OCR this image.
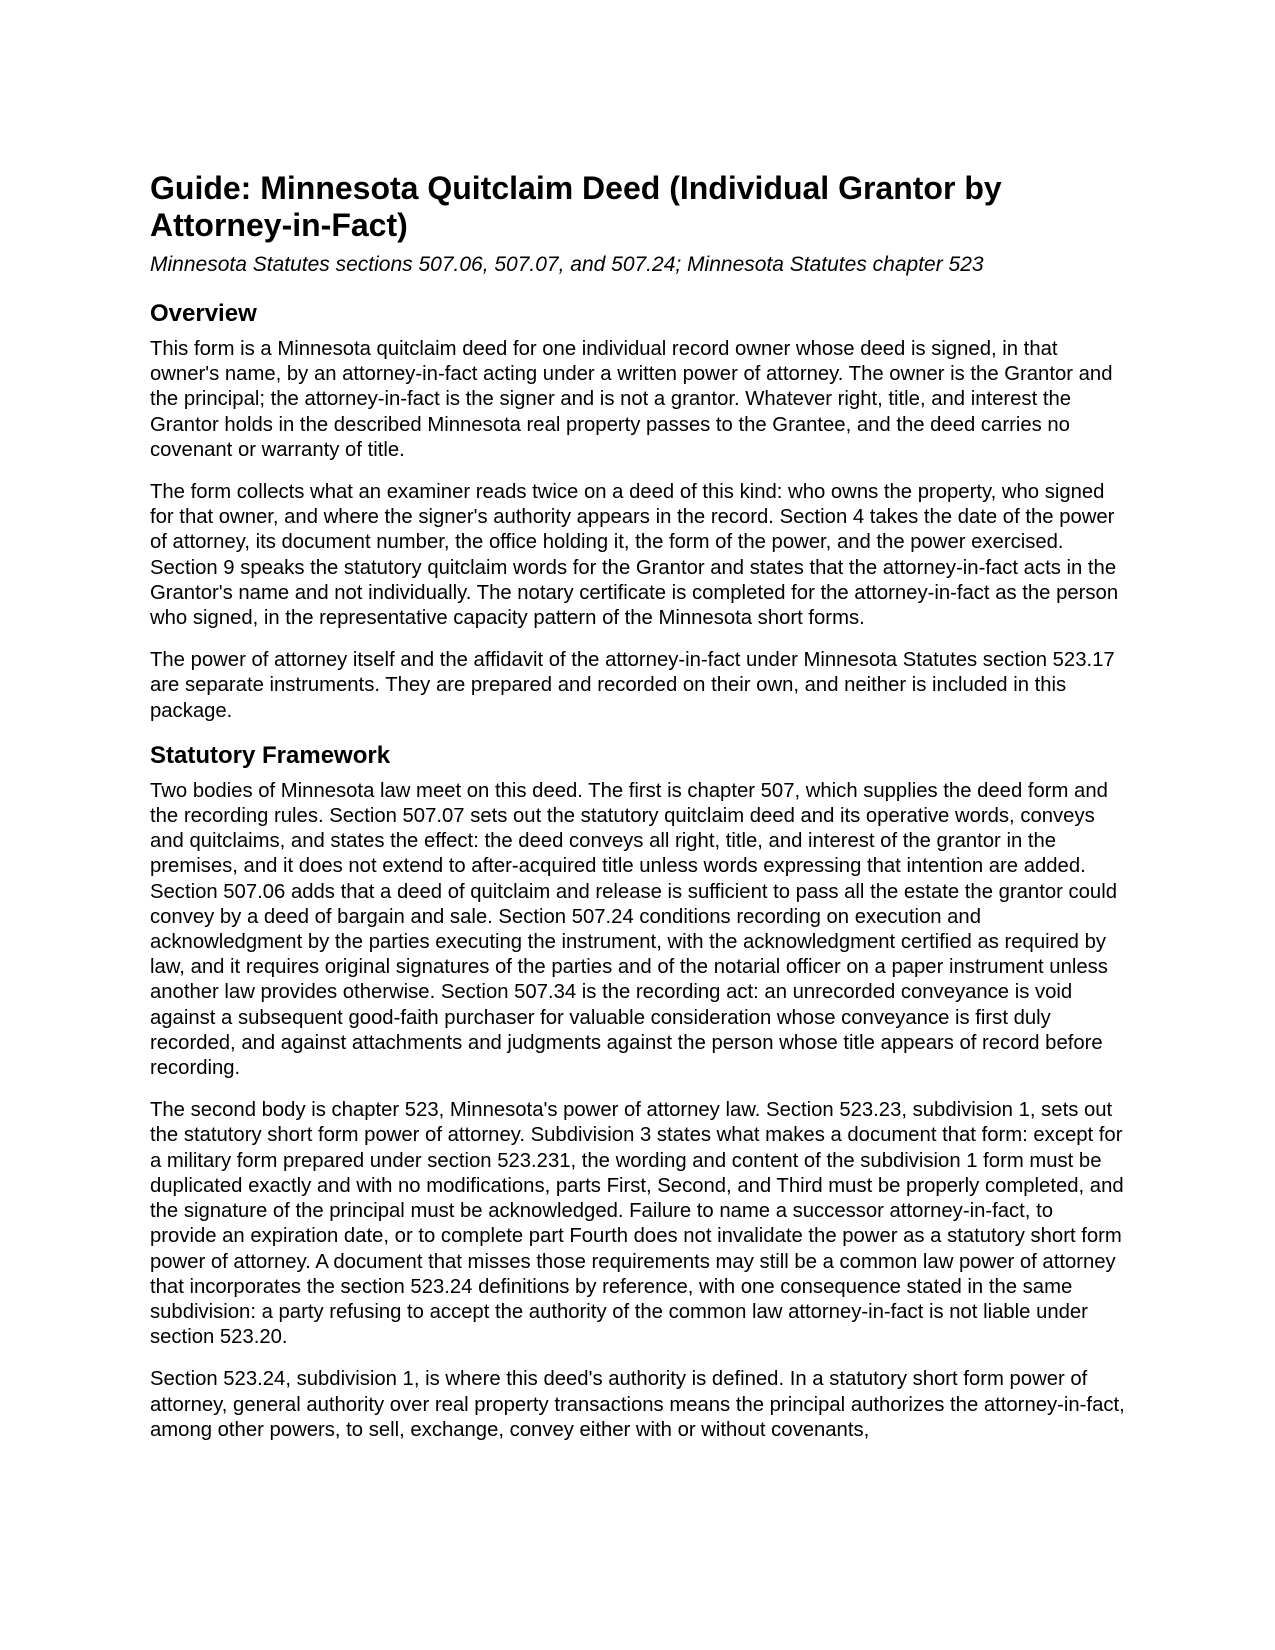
Guide: Minnesota Quitclaim Deed (Individual Grantor by Attorney-in-Fact)
Minnesota Statutes sections 507.06, 507.07, and 507.24; Minnesota Statutes chapter 523
Overview

This form is a Minnesota quitclaim deed for one individual record owner whose deed is signed, in that owner's name, by an attorney-in-fact acting under a written power of attorney. The owner is the Grantor and the principal; the attorney-in-fact is the signer and is not a grantor. Whatever right, title, and interest the Grantor holds in the described Minnesota real property passes to the Grantee, and the deed carries no covenant or warranty of title.

The form collects what an examiner reads twice on a deed of this kind: who owns the property, who signed for that owner, and where the signer's authority appears in the record. Section 4 takes the date of the power of attorney, its document number, the office holding it, the form of the power, and the power exercised. Section 9 speaks the statutory quitclaim words for the Grantor and states that the attorney-in-fact acts in the Grantor's name and not individually. The notary certificate is completed for the attorney-in-fact as the person who signed, in the representative capacity pattern of the Minnesota short forms.

The power of attorney itself and the affidavit of the attorney-in-fact under Minnesota Statutes section 523.17 are separate instruments. They are prepared and recorded on their own, and neither is included in this package.

Statutory Framework

Two bodies of Minnesota law meet on this deed. The first is chapter 507, which supplies the deed form and the recording rules. Section 507.07 sets out the statutory quitclaim deed and its operative words, conveys and quitclaims, and states the effect: the deed conveys all right, title, and interest of the grantor in the premises, and it does not extend to after-acquired title unless words expressing that intention are added. Section 507.06 adds that a deed of quitclaim and release is sufficient to pass all the estate the grantor could convey by a deed of bargain and sale. Section 507.24 conditions recording on execution and acknowledgment by the parties executing the instrument, with the acknowledgment certified as required by law, and it requires original signatures of the parties and of the notarial officer on a paper instrument unless another law provides otherwise. Section 507.34 is the recording act: an unrecorded conveyance is void against a subsequent good-faith purchaser for valuable consideration whose conveyance is first duly recorded, and against attachments and judgments against the person whose title appears of record before recording.

The second body is chapter 523, Minnesota's power of attorney law. Section 523.23, subdivision 1, sets out the statutory short form power of attorney. Subdivision 3 states what makes a document that form: except for a military form prepared under section 523.231, the wording and content of the subdivision 1 form must be duplicated exactly and with no modifications, parts First, Second, and Third must be properly completed, and the signature of the principal must be acknowledged. Failure to name a successor attorney-in-fact, to provide an expiration date, or to complete part Fourth does not invalidate the power as a statutory short form power of attorney. A document that misses those requirements may still be a common law power of attorney that incorporates the section 523.24 definitions by reference, with one consequence stated in the same subdivision: a party refusing to accept the authority of the common law attorney-in-fact is not liable under section 523.20.

Section 523.24, subdivision 1, is where this deed's authority is defined. In a statutory short form power of attorney, general authority over real property transactions means the principal authorizes the attorney-in-fact, among other powers, to sell, exchange, convey either with or without covenants,
